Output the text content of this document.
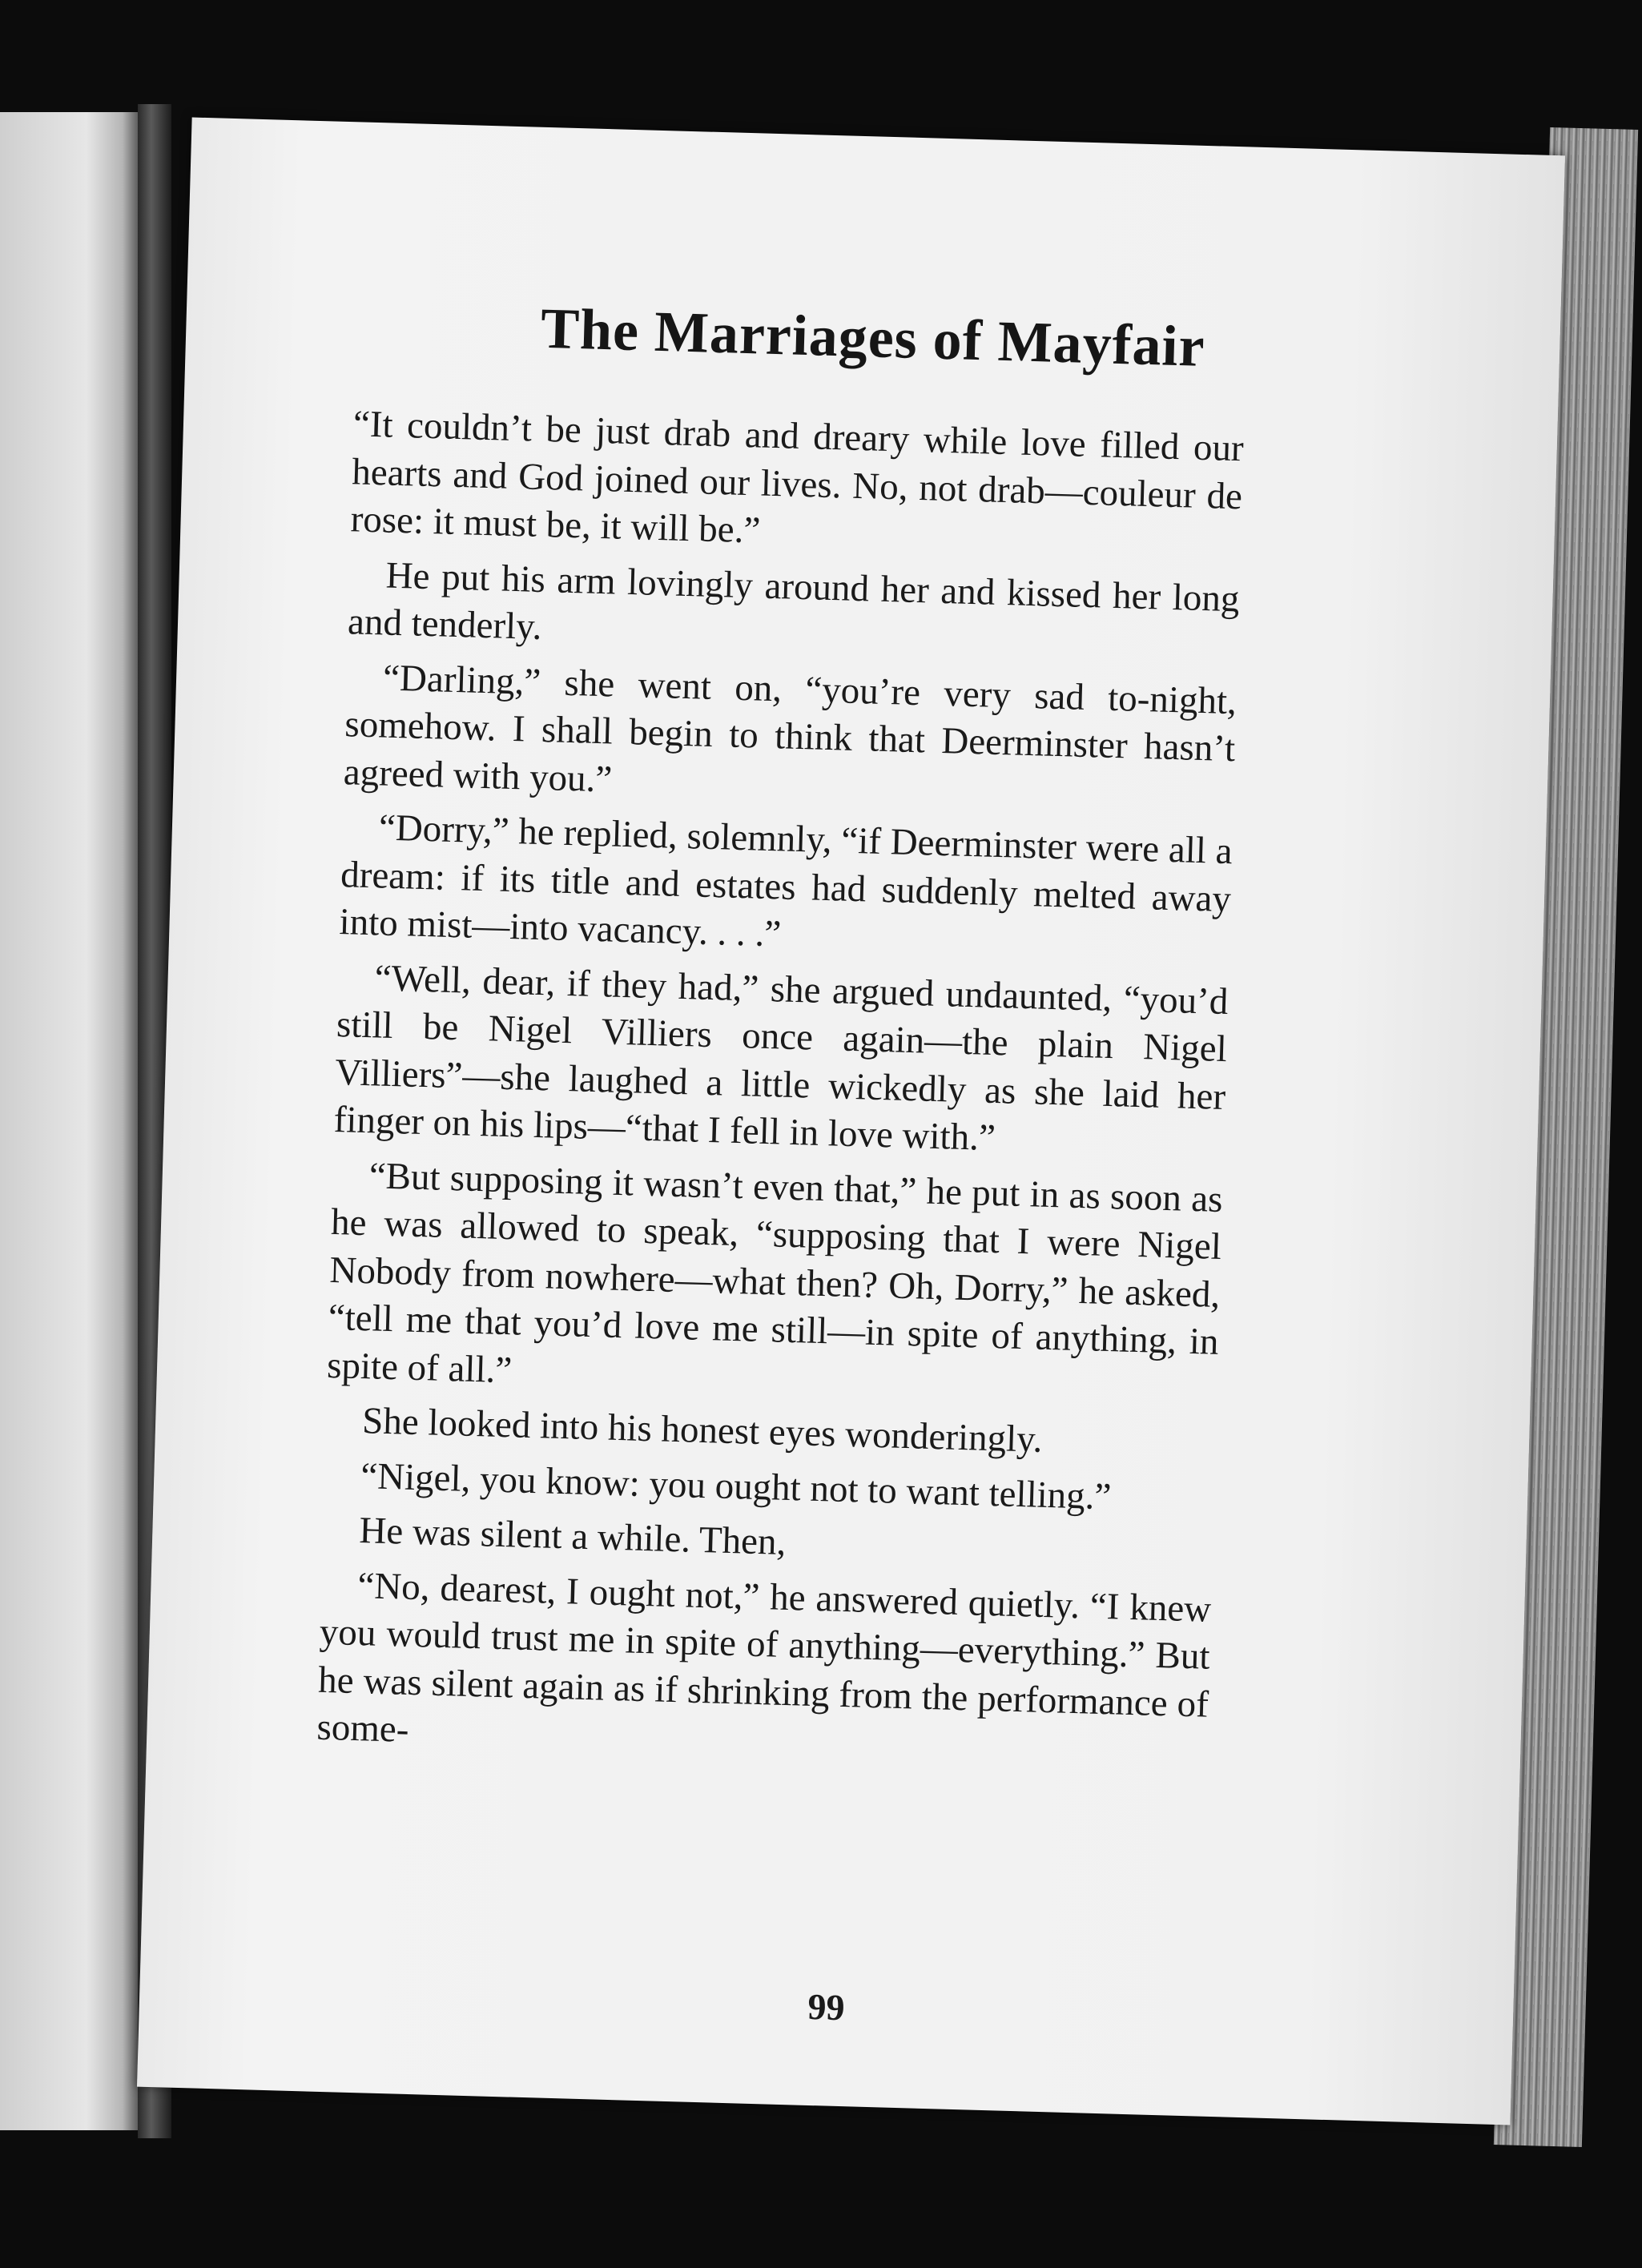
The Marriages of Mayfair

“It couldn’t be just drab and dreary while love filled our hearts and God joined our lives. No, not drab—couleur de rose: it must be, it will be.”

He put his arm lovingly around her and kissed her long and tenderly.

“Darling,” she went on, “you’re very sad to-night, somehow. I shall begin to think that Deerminster hasn’t agreed with you.”

“Dorry,” he replied, solemnly, “if Deerminster were all a dream: if its title and estates had suddenly melted away into mist—into vacancy. . . .”

“Well, dear, if they had,” she argued undaunted, “you’d still be Nigel Villiers once again—the plain Nigel Villiers”—she laughed a little wickedly as she laid her finger on his lips—“that I fell in love with.”

“But supposing it wasn’t even that,” he put in as soon as he was allowed to speak, “supposing that I were Nigel Nobody from nowhere—what then? Oh, Dorry,” he asked, “tell me that you’d love me still—in spite of anything, in spite of all.”

She looked into his honest eyes wonderingly.

“Nigel, you know: you ought not to want telling.”

He was silent a while. Then,

“No, dearest, I ought not,” he answered quietly. “I knew you would trust me in spite of anything—everything.” But he was silent again as if shrinking from the performance of some-

99
